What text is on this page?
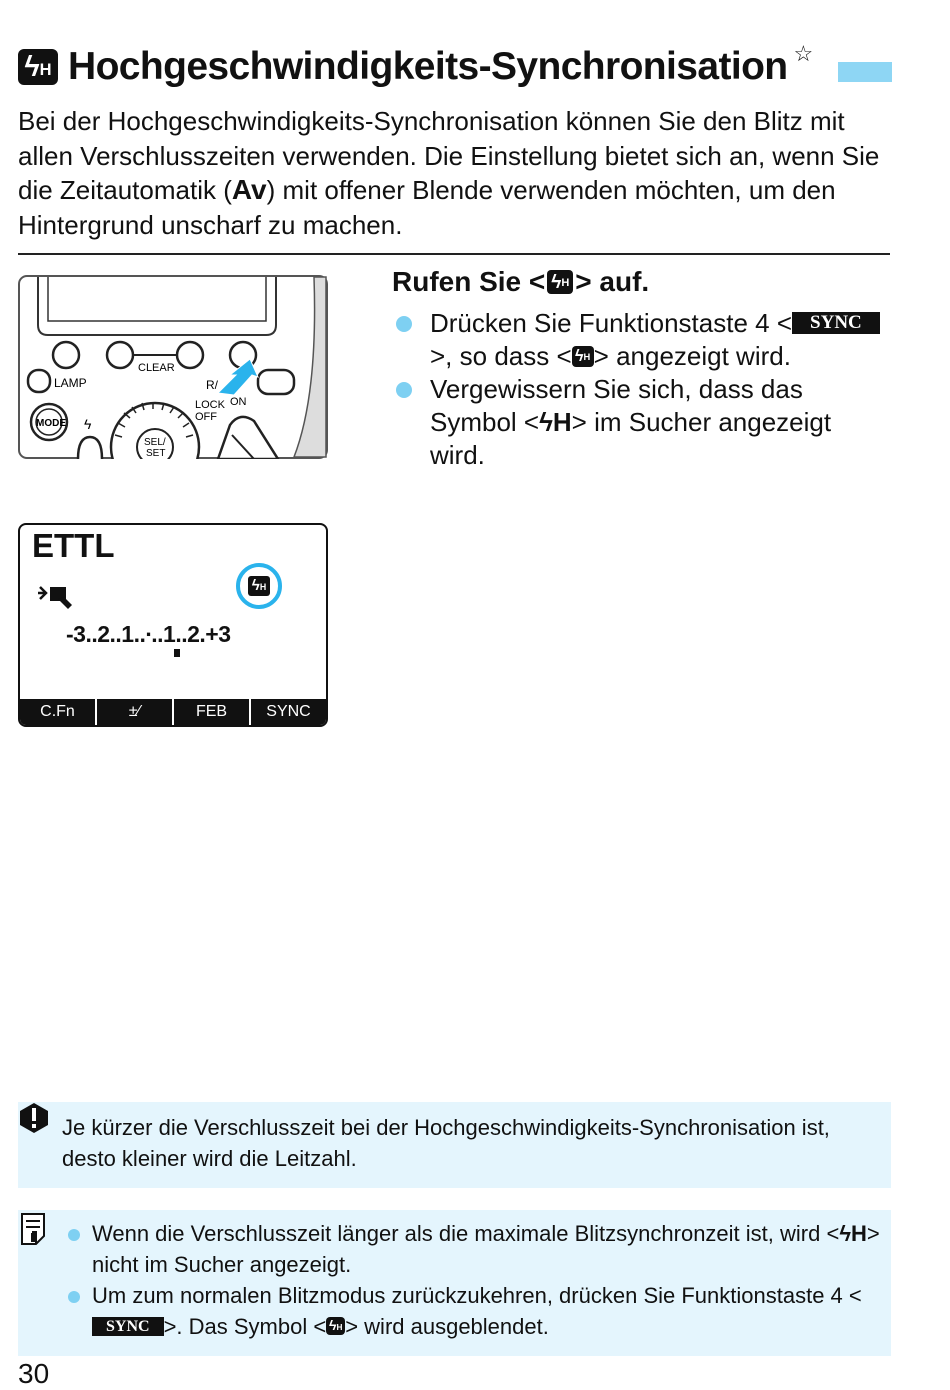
ϟ H Hochgeschwindigkeits-Synchronisation ☆

Bei der Hochgeschwindigkeits-Synchronisation können Sie den Blitz mit allen Verschlusszeiten verwenden. Die Einstellung bietet sich an, wenn Sie die Zeitautomatik (Av) mit offener Blende verwenden möchten, um den Hintergrund unscharf zu machen.

CLEAR
LAMP	R/
MODE ϟ
SEL/
SET
LOCK
OFF
ON
ETTL
ϟ H
-3..2..1..∙..1..2.+3
C.Fn	±⁄	FEB	SYNC
Rufen Sie < ϟ H > auf.
Drücken Sie Funktionstaste 4 < SYNC>, so dass < ϟ H > angezeigt wird.
Vergewissern Sie sich, dass das Symbol <ϟH> im Sucher angezeigt wird.
Je kürzer die Verschlusszeit bei der Hochgeschwindigkeits-Synchronisation ist, desto kleiner wird die Leitzahl.
Wenn die Verschlusszeit länger als die maximale Blitzsynchronzeit ist, wird <ϟH> nicht im Sucher angezeigt.
Um zum normalen Blitzmodus zurückzukehren, drücken Sie Funktionstaste 4 <SYNC >. Das Symbol < ϟ H > wird ausgeblendet.
30
